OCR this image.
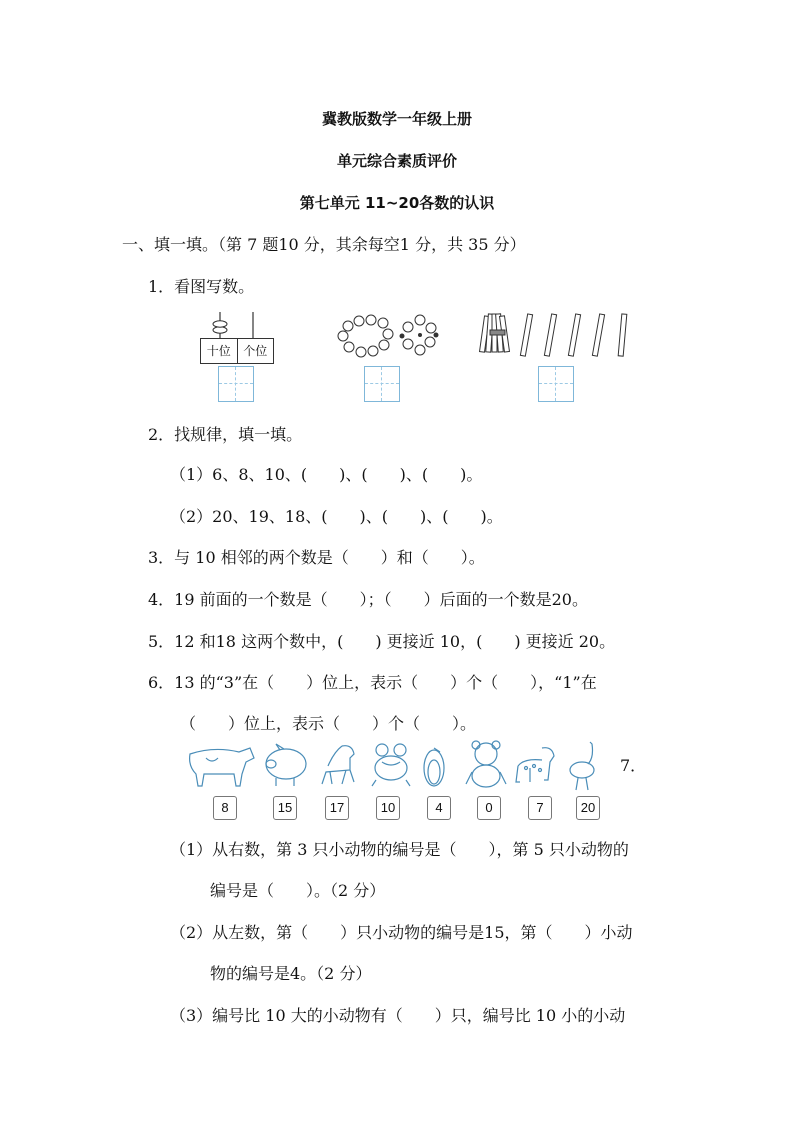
冀教版数学一年级上册
单元综合素质评价
第七单元 11~20各数的认识
一、填一填。（第 7 题10 分，其余每空1 分，共 35 分）
1．看图写数。
十位	个位
2．找规律，填一填。
（1）6、8、10、(　　)、(　　)、(　　)。
（2）20、19、18、(　　)、(　　)、(　　)。
3．与 10 相邻的两个数是（　　）和（　　）。
4．19 前面的一个数是（　　）；（　　）后面的一个数是20。
5．12 和18 这两个数中，(　　) 更接近 10，(　　) 更接近 20。
6．13 的“3”在（　　）位上，表示（　　）个（　　），“1”在
（　　）位上，表示（　　）个（　　）。
7．
8	15	17	10	4	0	7	20
（1）从右数，第 3 只小动物的编号是（　　），第 5 只小动物的
编号是（　　）。（2 分）
（2）从左数，第（　　）只小动物的编号是15，第（　　）小动
物的编号是4。（2 分）
（3）编号比 10 大的小动物有（　　）只，编号比 10 小的小动
